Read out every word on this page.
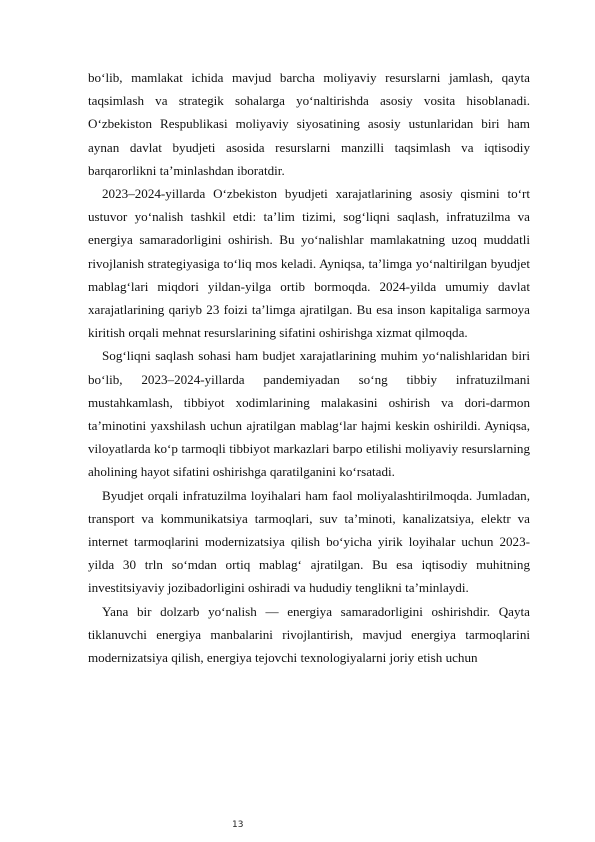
bo‘lib, mamlakat ichida mavjud barcha moliyaviy resurslarni jamlash, qayta taqsimlash va strategik sohalarga yo‘naltirishda asosiy vosita hisoblanadi. O‘zbekiston Respublikasi moliyaviy siyosatining asosiy ustunlaridan biri ham aynan davlat byudjeti asosida resurslarni manzilli taqsimlash va iqtisodiy barqarorlikni ta’minlashdan iboratdir.

2023–2024-yillarda O‘zbekiston byudjeti xarajatlarining asosiy qismini to‘rt ustuvor yo‘nalish tashkil etdi: ta’lim tizimi, sog‘liqni saqlash, infratuzilma va energiya samaradorligini oshirish. Bu yo‘nalishlar mamlakatning uzoq muddatli rivojlanish strategiyasiga to‘liq mos keladi. Ayniqsa, ta’limga yo‘naltirilgan byudjet mablag‘lari miqdori yildan-yilga ortib bormoqda. 2024-yilda umumiy davlat xarajatlarining qariyb 23 foizi ta’limga ajratilgan. Bu esa inson kapitaliga sarmoya kiritish orqali mehnat resurslarining sifatini oshirishga xizmat qilmoqda.

Sog‘liqni saqlash sohasi ham budjet xarajatlarining muhim yo‘nalishlaridan biri bo‘lib, 2023–2024-yillarda pandemiyadan so‘ng tibbiy infratuzilmani mustahkamlash, tibbiyot xodimlarining malakasini oshirish va dori-darmon ta’minotini yaxshilash uchun ajratilgan mablag‘lar hajmi keskin oshirildi. Ayniqsa, viloyatlarda ko‘p tarmoqli tibbiyot markazlari barpo etilishi moliyaviy resurslarning aholining hayot sifatini oshirishga qaratilganini ko‘rsatadi.

Byudjet orqali infratuzilma loyihalari ham faol moliyalashtirilmoqda. Jumladan, transport va kommunikatsiya tarmoqlari, suv ta’minoti, kanalizatsiya, elektr va internet tarmoqlarini modernizatsiya qilish bo‘yicha yirik loyihalar uchun 2023-yilda 30 trln so‘mdan ortiq mablag‘ ajratilgan. Bu esa iqtisodiy muhitning investitsiyaviy jozibadorligini oshiradi va hududiy tenglikni ta’minlaydi.

Yana bir dolzarb yo‘nalish — energiya samaradorligini oshirishdir. Qayta tiklanuvchi energiya manbalarini rivojlantirish, mavjud energiya tarmoqlarini modernizatsiya qilish, energiya tejovchi texnologiyalarni joriy etish uchun

13
